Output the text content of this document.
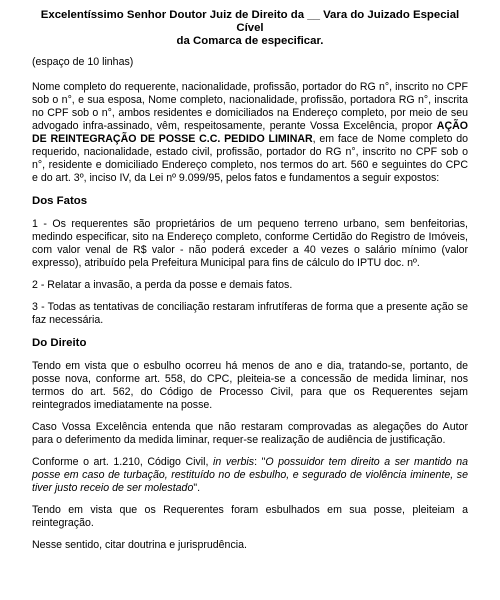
Excelentíssimo Senhor Doutor Juiz de Direito da __ Vara do Juizado Especial Cível
da Comarca de especificar.
(espaço de 10 linhas)

Nome completo do requerente, nacionalidade, profissão, portador do RG n°, inscrito no CPF sob o n°, e sua esposa, Nome completo, nacionalidade, profissão, portadora RG n°, inscrita no CPF sob o n°, ambos residentes e domiciliados na Endereço completo, por meio de seu advogado infra-assinado, vêm, respeitosamente, perante Vossa Excelência, propor AÇÃO DE REINTEGRAÇÃO DE POSSE C.C. PEDIDO LIMINAR, em face de Nome completo do requerido, nacionalidade, estado civil, profissão, portador do RG n°, inscrito no CPF sob o n°, residente e domiciliado Endereço completo, nos termos do art. 560 e seguintes do CPC e do art. 3º, inciso IV, da Lei nº 9.099/95, pelos fatos e fundamentos a seguir expostos:

Dos Fatos

1 - Os requerentes são proprietários de um pequeno terreno urbano, sem benfeitorias, medindo especificar, sito na Endereço completo, conforme Certidão do Registro de Imóveis, com valor venal de R$ valor - não poderá exceder a 40 vezes o salário mínimo (valor expresso), atribuído pela Prefeitura Municipal para fins de cálculo do IPTU doc. nº.

2 - Relatar a invasão, a perda da posse e demais fatos.

3 - Todas as tentativas de conciliação restaram infrutíferas de forma que a presente ação se faz necessária.

Do Direito

Tendo em vista que o esbulho ocorreu há menos de ano e dia, tratando-se, portanto, de posse nova, conforme art. 558, do CPC, pleiteia-se a concessão de medida liminar, nos termos do art. 562, do Código de Processo Civil, para que os Requerentes sejam reintegrados imediatamente na posse.

Caso Vossa Excelência entenda que não restaram comprovadas as alegações do Autor para o deferimento da medida liminar, requer-se realização de audiência de justificação.

Conforme o art. 1.210, Código Civil, in verbis: "O possuidor tem direito a ser mantido na posse em caso de turbação, restituído no de esbulho, e segurado de violência iminente, se tiver justo receio de ser molestado".

Tendo em vista que os Requerentes foram esbulhados em sua posse, pleiteiam a reintegração.

Nesse sentido, citar doutrina e jurisprudência.
